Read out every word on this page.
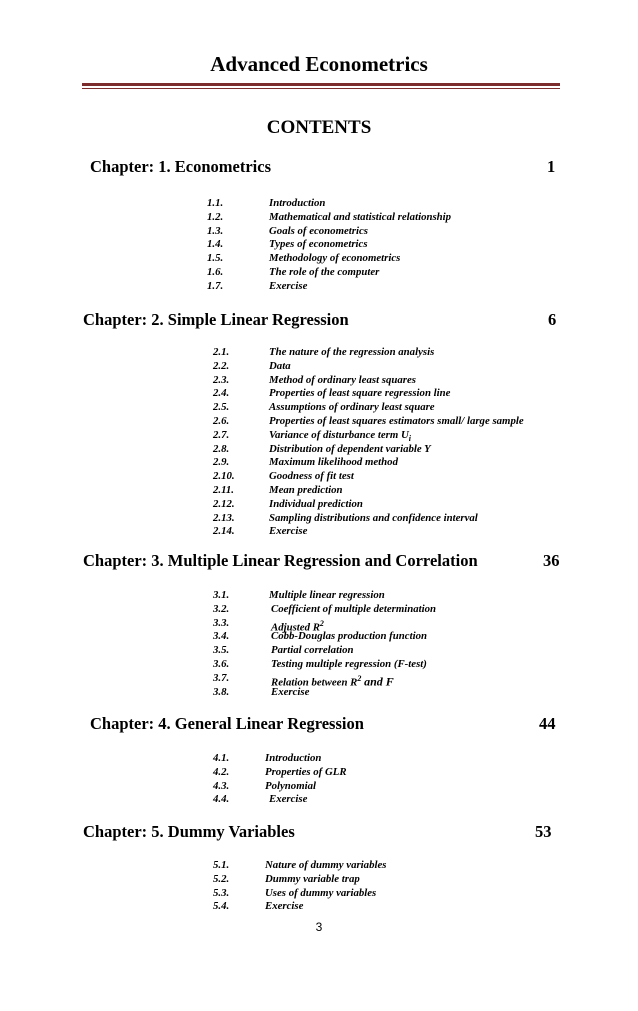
Advanced Econometrics
CONTENTS
Chapter: 1. Econometrics	1
1.1.	Introduction
1.2.	Mathematical and statistical relationship
1.3.	Goals of econometrics
1.4.	Types of econometrics
1.5.	Methodology of econometrics
1.6.	The role of the computer
1.7.	Exercise
Chapter: 2. Simple Linear Regression	6
2.1.	The nature of the regression analysis
2.2.	Data
2.3.	Method of ordinary least squares
2.4.	Properties of least square regression line
2.5.	Assumptions of ordinary least square
2.6.	Properties of least squares estimators small/ large sample
2.7.	Variance of disturbance term $U_i$
2.8.	Distribution of dependent variable Y
2.9.	Maximum likelihood method
2.10.	Goodness of fit test
2.11.	Mean prediction
2.12.	Individual prediction
2.13.	Sampling distributions and confidence interval
2.14.	Exercise
Chapter: 3. Multiple Linear Regression and Correlation	36
3.1.	Multiple linear regression
3.2.	Coefficient of multiple determination
3.3.	Adjusted $R^2$
3.4.	Cobb-Douglas production function
3.5.	Partial correlation
3.6.	Testing multiple regression (F-test)
3.7.	Relation between $R^2$ and F
3.8.	Exercise
Chapter: 4. General Linear Regression	44
4.1.	Introduction
4.2.	Properties of GLR
4.3.	Polynomial
4.4.	Exercise
Chapter: 5. Dummy Variables	53
5.1.	Nature of dummy variables
5.2.	Dummy variable trap
5.3.	Uses of dummy variables
5.4.	Exercise
3
